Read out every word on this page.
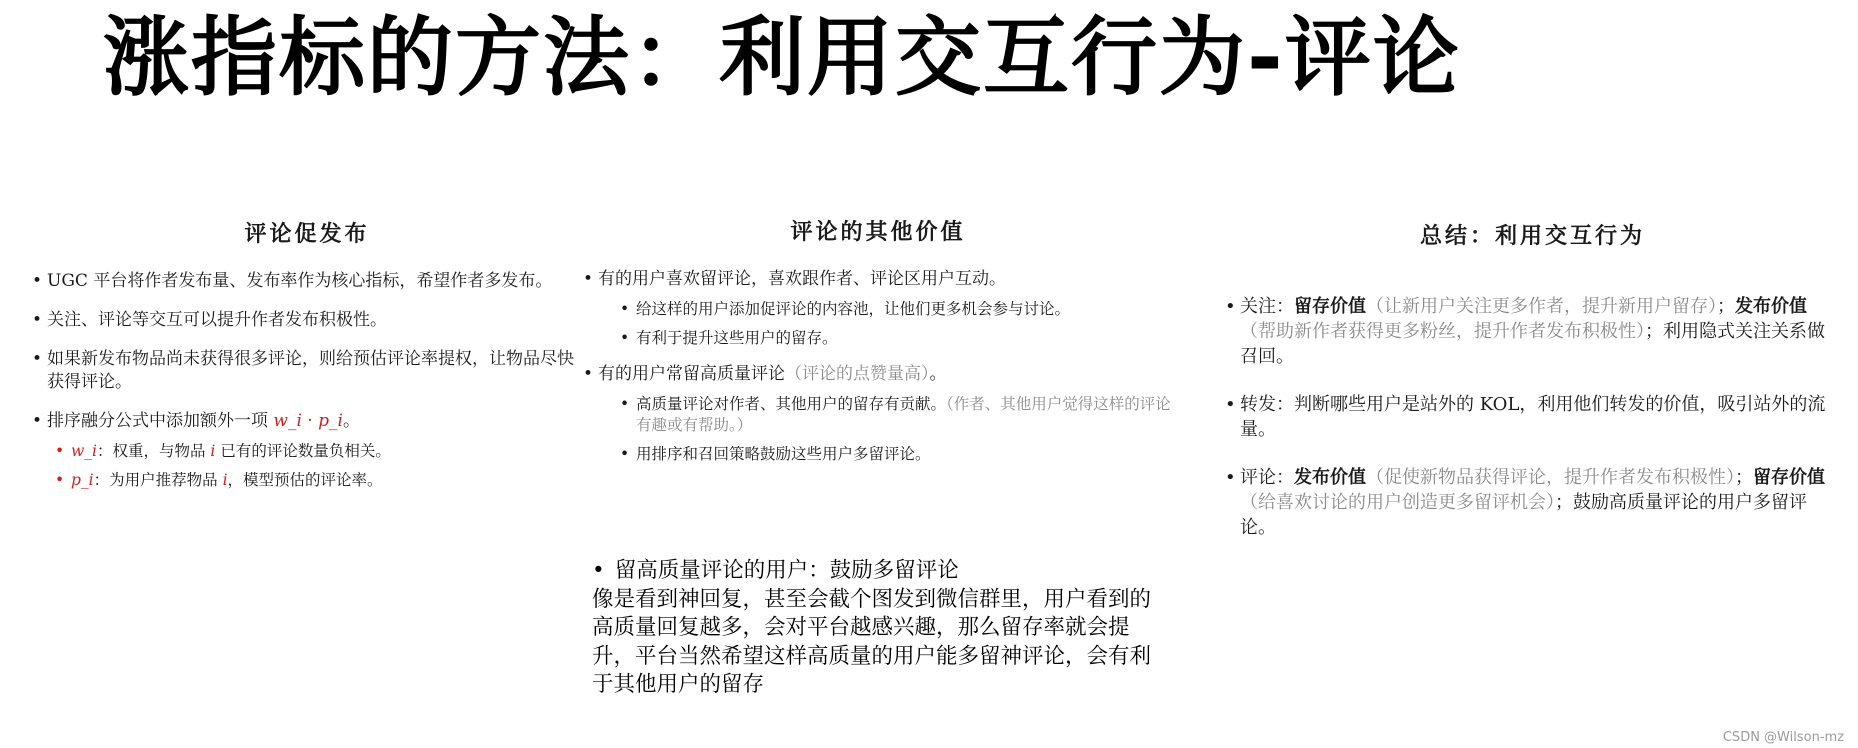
涨指标的方法：利用交互行为-评论
评论促发布
• UGC 平台将作者发布量、发布率作为核心指标，希望作者多发布。
• 关注、评论等交互可以提升作者发布积极性。
• 如果新发布物品尚未获得很多评论，则给预估评论率提权，让物品尽快获得评论。
• 排序融分公式中添加额外一项 w_i · p_i。
• w_i：权重，与物品 i 已有的评论数量负相关。
• p_i：为用户推荐物品 i，模型预估的评论率。
评论的其他价值
• 有的用户喜欢留评论，喜欢跟作者、评论区用户互动。
• 给这样的用户添加促评论的内容池，让他们更多机会参与讨论。
• 有利于提升这些用户的留存。
• 有的用户常留高质量评论（评论的点赞量高）。
• 高质量评论对作者、其他用户的留存有贡献。（作者、其他用户觉得这样的评论有趣或有帮助。）
• 用排序和召回策略鼓励这些用户多留评论。
总结：利用交互行为
• 关注：留存价值（让新用户关注更多作者，提升新用户留存）；发布价值（帮助新作者获得更多粉丝，提升作者发布积极性）；利用隐式关注关系做召回。
• 转发：判断哪些用户是站外的 KOL，利用他们转发的价值，吸引站外的流量。
• 评论：发布价值（促使新物品获得评论，提升作者发布积极性）；留存价值（给喜欢讨论的用户创造更多留评机会）；鼓励高质量评论的用户多留评论。
• 留高质量评论的用户：鼓励多留评论
像是看到神回复，甚至会截个图发到微信群里，用户看到的高质量回复越多，会对平台越感兴趣，那么留存率就会提升，平台当然希望这样高质量的用户能多留神评论，会有利于其他用户的留存
CSDN @Wilson-mz
